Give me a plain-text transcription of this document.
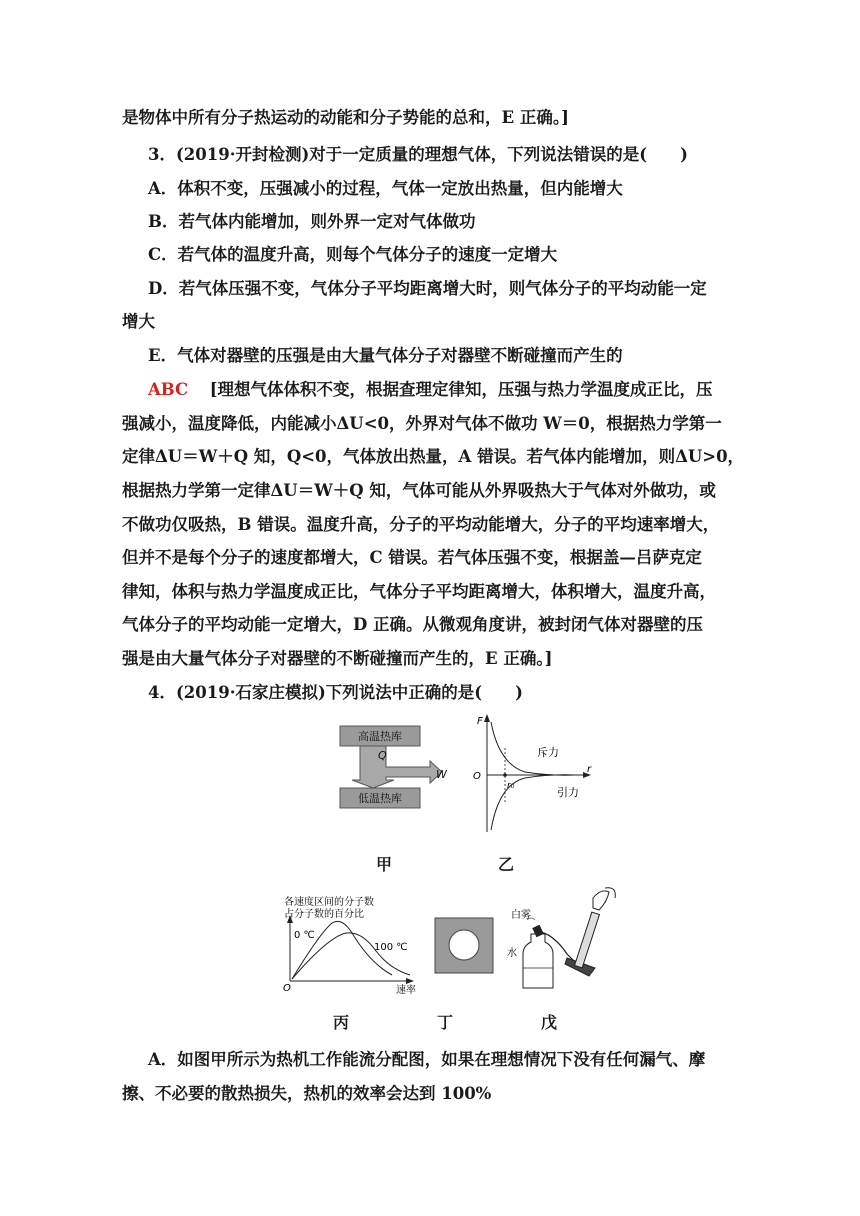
是物体中所有分子热运动的动能和分子势能的总和，E 正确。]
3．(2019·开封检测)对于一定质量的理想气体，下列说法错误的是(　　)
A．体积不变，压强减小的过程，气体一定放出热量，但内能增大
B．若气体内能增加，则外界一定对气体做功
C．若气体的温度升高，则每个气体分子的速度一定增大
D．若气体压强不变，气体分子平均距离增大时，则气体分子的平均动能一定
增大
E．气体对器壁的压强是由大量气体分子对器壁不断碰撞而产生的
ABC [理想气体体积不变，根据查理定律知，压强与热力学温度成正比，压
强减小，温度降低，内能减小ΔU<0，外界对气体不做功 W＝0，根据热力学第一
定律ΔU＝W＋Q 知，Q<0，气体放出热量，A 错误。若气体内能增加，则ΔU>0，
根据热力学第一定律ΔU＝W＋Q 知，气体可能从外界吸热大于气体对外做功，或
不做功仅吸热，B 错误。温度升高，分子的平均动能增大，分子的平均速率增大，
但并不是每个分子的速度都增大，C 错误。若气体压强不变，根据盖—吕萨克定
律知，体积与热力学温度成正比，气体分子平均距离增大，体积增大，温度升高，
气体分子的平均动能一定增大，D 正确。从微观角度讲，被封闭气体对器壁的压
强是由大量气体分子对器壁的不断碰撞而产生的，E 正确。]
4．(2019·石家庄模拟)下列说法中正确的是(　　)
高温热库
低温热库
Q
W
F
r
O
r₀
斥力
引力
甲	乙
各速度区间的分子数
占分子数的百分比
0 ℃
100 ℃
O	速率
白雾
水
丙	丁	戊
A．如图甲所示为热机工作能流分配图，如果在理想情况下没有任何漏气、摩
擦、不必要的散热损失，热机的效率会达到 100%
